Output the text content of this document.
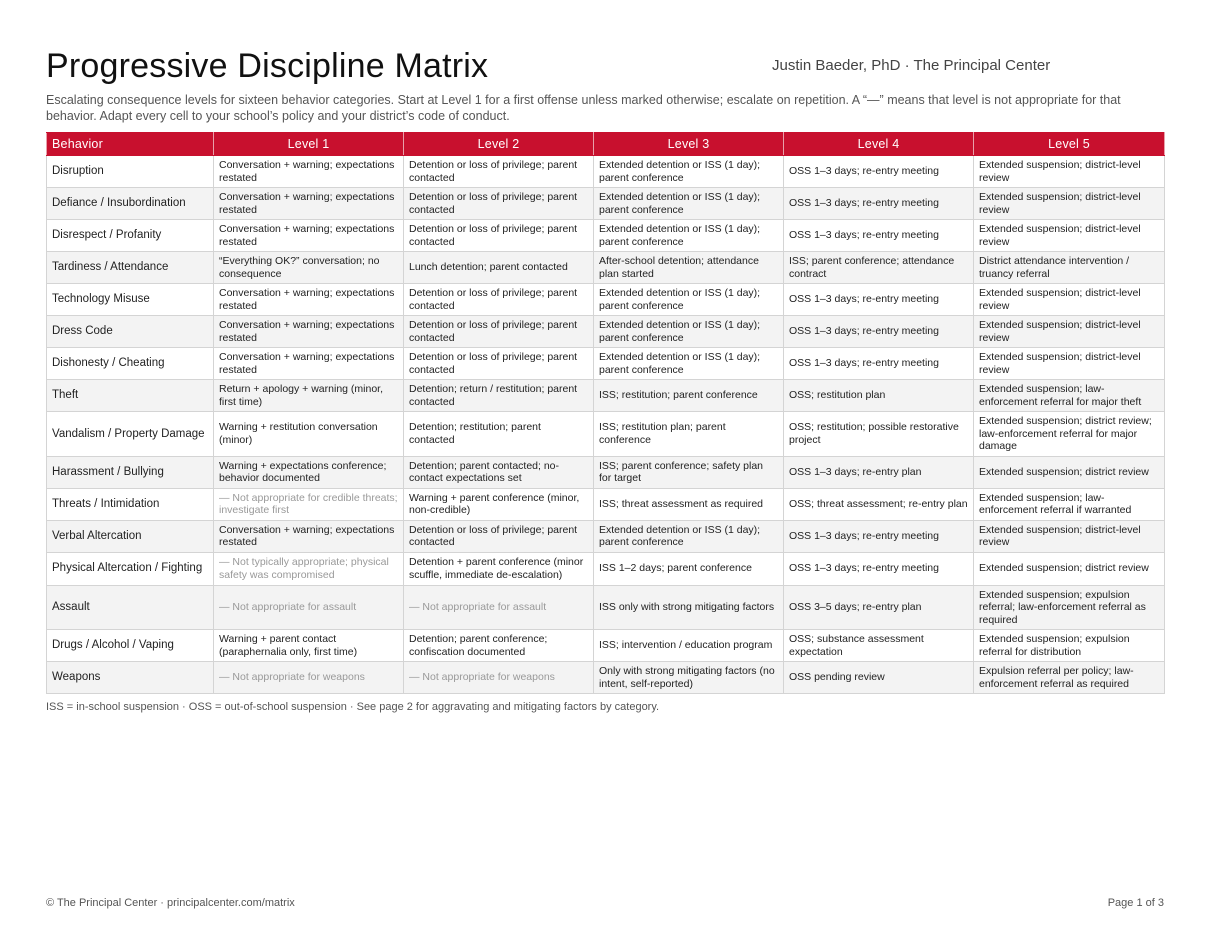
Progressive Discipline Matrix	Justin Baeder, PhD · The Principal Center

Escalating consequence levels for sixteen behavior categories. Start at Level 1 for a first offense unless marked otherwise; escalate on repetition. A “—” means that level is not appropriate for that behavior. Adapt every cell to your school’s policy and your district’s code of conduct.

Behavior	Level 1	Level 2	Level 3	Level 4	Level 5
Disruption	Conversation + warning; expectations restated	Detention or loss of privilege; parent contacted	Extended detention or ISS (1 day); parent conference	OSS 1–3 days; re-entry meeting	Extended suspension; district-level review
Defiance / Insubordination	Conversation + warning; expectations restated	Detention or loss of privilege; parent contacted	Extended detention or ISS (1 day); parent conference	OSS 1–3 days; re-entry meeting	Extended suspension; district-level review
Disrespect / Profanity	Conversation + warning; expectations restated	Detention or loss of privilege; parent contacted	Extended detention or ISS (1 day); parent conference	OSS 1–3 days; re-entry meeting	Extended suspension; district-level review
Tardiness / Attendance	“Everything OK?” conversation; no consequence	Lunch detention; parent contacted	After-school detention; attendance plan started	ISS; parent conference; attendance contract	District attendance intervention / truancy referral
Technology Misuse	Conversation + warning; expectations restated	Detention or loss of privilege; parent contacted	Extended detention or ISS (1 day); parent conference	OSS 1–3 days; re-entry meeting	Extended suspension; district-level review
Dress Code	Conversation + warning; expectations restated	Detention or loss of privilege; parent contacted	Extended detention or ISS (1 day); parent conference	OSS 1–3 days; re-entry meeting	Extended suspension; district-level review
Dishonesty / Cheating	Conversation + warning; expectations restated	Detention or loss of privilege; parent contacted	Extended detention or ISS (1 day); parent conference	OSS 1–3 days; re-entry meeting	Extended suspension; district-level review
Theft	Return + apology + warning (minor, first time)	Detention; return / restitution; parent contacted	ISS; restitution; parent conference	OSS; restitution plan	Extended suspension; law-enforcement referral for major theft
Vandalism / Property Damage	Warning + restitution conversation (minor)	Detention; restitution; parent contacted	ISS; restitution plan; parent conference	OSS; restitution; possible restorative project	Extended suspension; district review; law-enforcement referral for major damage
Harassment / Bullying	Warning + expectations conference; behavior documented	Detention; parent contacted; no-contact expectations set	ISS; parent conference; safety plan for target	OSS 1–3 days; re-entry plan	Extended suspension; district review
Threats / Intimidation	— Not appropriate for credible threats; investigate first	Warning + parent conference (minor, non-credible)	ISS; threat assessment as required	OSS; threat assessment; re-entry plan	Extended suspension; law-enforcement referral if warranted
Verbal Altercation	Conversation + warning; expectations restated	Detention or loss of privilege; parent contacted	Extended detention or ISS (1 day); parent conference	OSS 1–3 days; re-entry meeting	Extended suspension; district-level review
Physical Altercation / Fighting	— Not typically appropriate; physical safety was compromised	Detention + parent conference (minor scuffle, immediate de-escalation)	ISS 1–2 days; parent conference	OSS 1–3 days; re-entry meeting	Extended suspension; district review
Assault	— Not appropriate for assault	— Not appropriate for assault	ISS only with strong mitigating factors	OSS 3–5 days; re-entry plan	Extended suspension; expulsion referral; law-enforcement referral as required
Drugs / Alcohol / Vaping	Warning + parent contact (paraphernalia only, first time)	Detention; parent conference; confiscation documented	ISS; intervention / education program	OSS; substance assessment expectation	Extended suspension; expulsion referral for distribution
Weapons	— Not appropriate for weapons	— Not appropriate for weapons	Only with strong mitigating factors (no intent, self-reported)	OSS pending review	Expulsion referral per policy; law-enforcement referral as required
ISS = in-school suspension · OSS = out-of-school suspension · See page 2 for aggravating and mitigating factors by category.
© The Principal Center · principalcenter.com/matrix	Page 1 of 3
